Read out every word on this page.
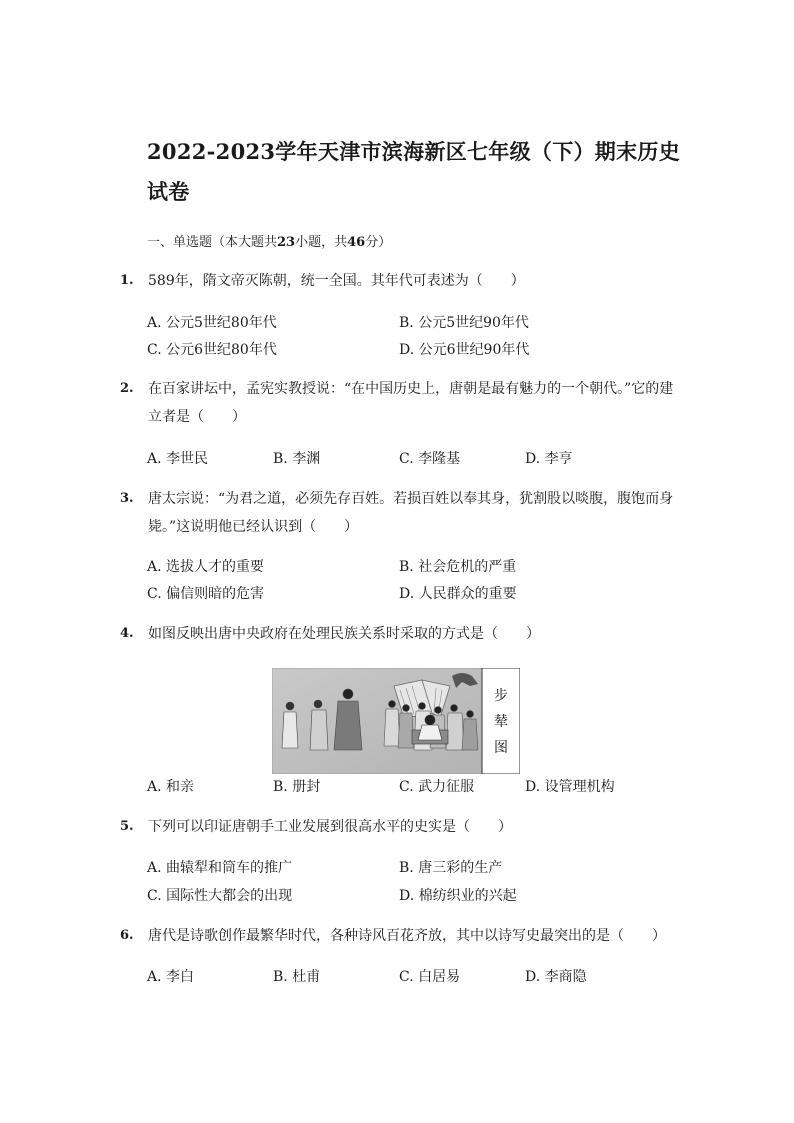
2022-2023学年天津市滨海新区七年级（下）期末历史试卷
一、单选题（本大题共23小题，共46分）
1.	589年，隋文帝灭陈朝，统一全国。其年代可表述为（　　）
A. 公元5世纪80年代	B. 公元5世纪90年代
C. 公元6世纪80年代	D. 公元6世纪90年代
2.	在百家讲坛中，孟宪实教授说：“在中国历史上，唐朝是最有魅力的一个朝代。”它的建立者是（　　）
A. 李世民	B. 李渊	C. 李隆基	D. 李亨
3.	唐太宗说：“为君之道，必须先存百姓。若损百姓以奉其身，犹割股以啖腹，腹饱而身毙。”这说明他已经认识到（　　）
A. 选拔人才的重要	B. 社会危机的严重
C. 偏信则暗的危害	D. 人民群众的重要
4.	如图反映出唐中央政府在处理民族关系时采取的方式是（　　）
步
辇
图
A. 和亲	B. 册封	C. 武力征服	D. 设管理机构
5.	下列可以印证唐朝手工业发展到很高水平的史实是（　　）
A. 曲辕犁和筒车的推广	B. 唐三彩的生产
C. 国际性大都会的出现	D. 棉纺织业的兴起
6.	唐代是诗歌创作最繁华时代，各种诗风百花齐放，其中以诗写史最突出的是（　　）
A. 李白	B. 杜甫	C. 白居易	D. 李商隐
